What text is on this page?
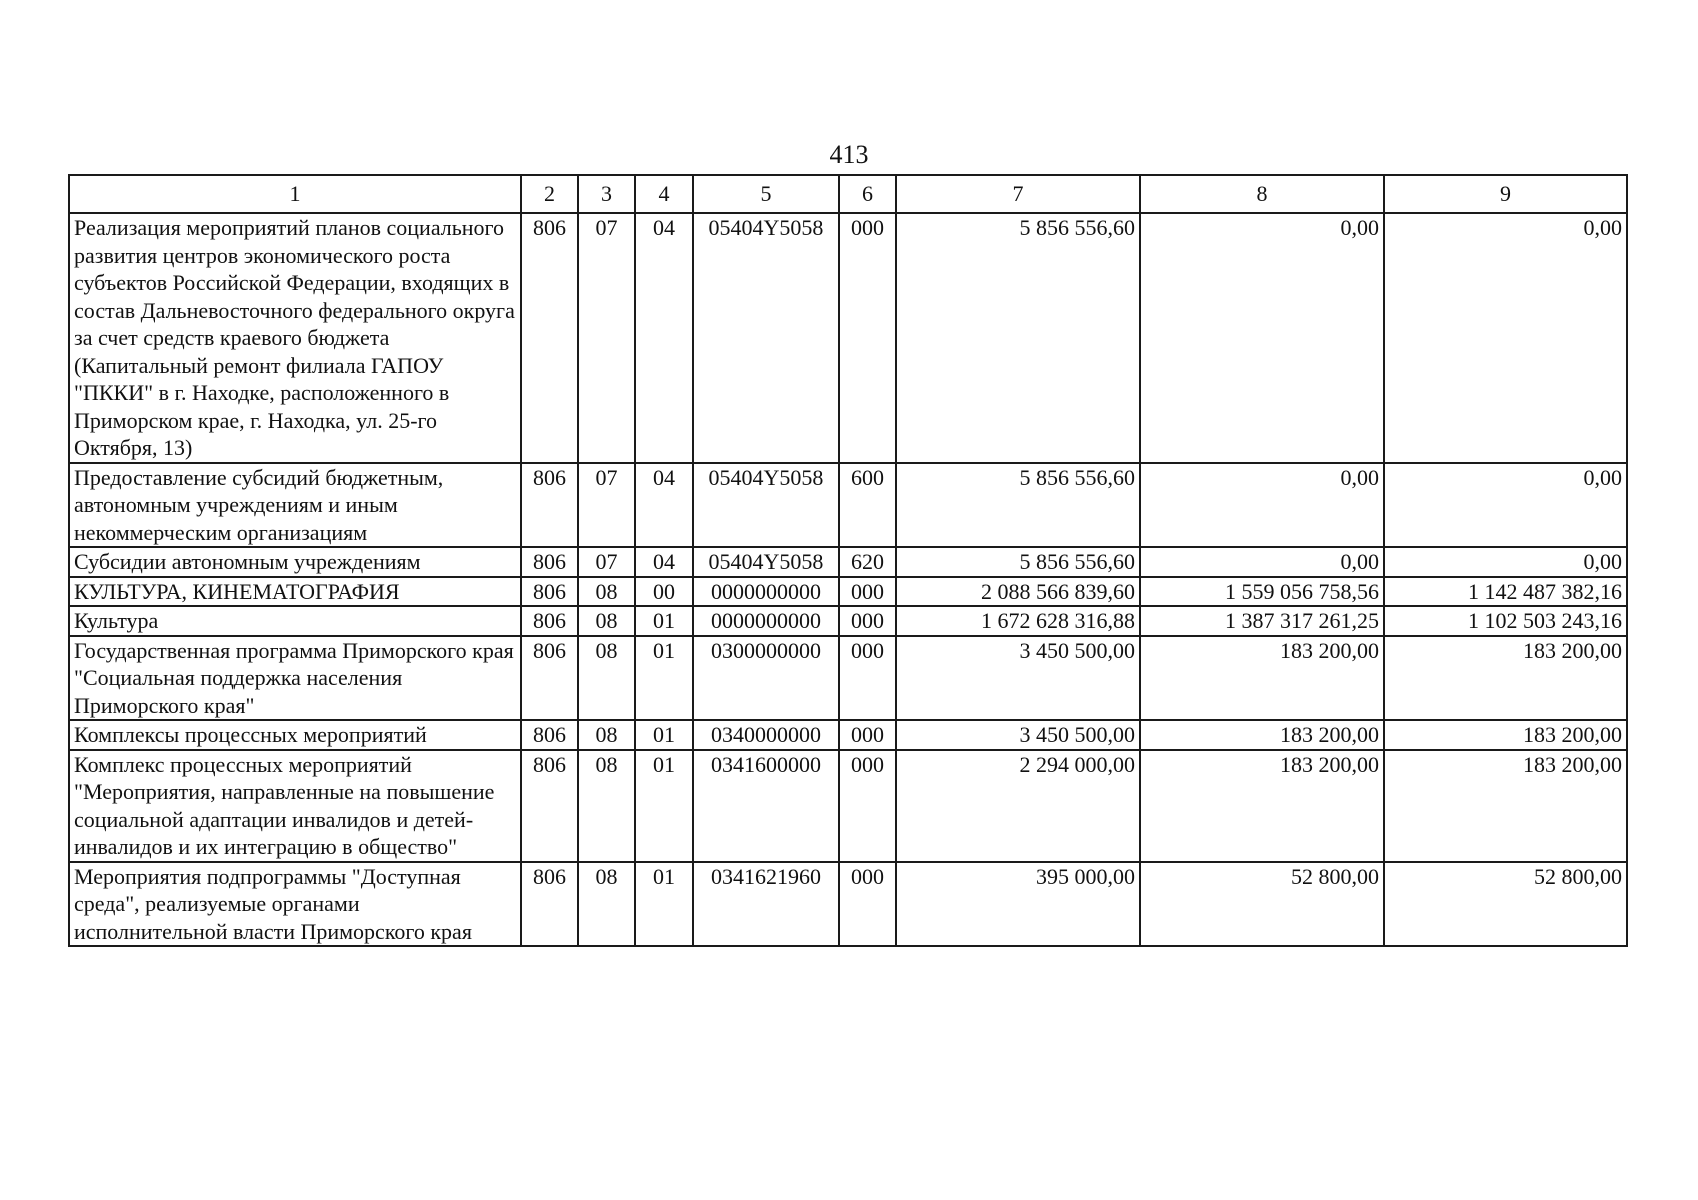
413
1	2	3	4	5	6	7	8	9
Реализация мероприятий планов социального развития центров экономического роста субъектов Российской Федерации, входящих в состав Дальневосточного федерального округа за счет средств краевого бюджета (Капитальный ремонт филиала ГАПОУ "ПККИ" в г. Находке, расположенного в Приморском крае, г. Находка, ул. 25-го Октября, 13)	806	07	04	05404Y5058	000	5 856 556,60	0,00	0,00
Предоставление субсидий бюджетным, автономным учреждениям и иным некоммерческим организациям	806	07	04	05404Y5058	600	5 856 556,60	0,00	0,00
Субсидии автономным учреждениям	806	07	04	05404Y5058	620	5 856 556,60	0,00	0,00
КУЛЬТУРА, КИНЕМАТОГРАФИЯ	806	08	00	0000000000	000	2 088 566 839,60	1 559 056 758,56	1 142 487 382,16
Культура	806	08	01	0000000000	000	1 672 628 316,88	1 387 317 261,25	1 102 503 243,16
Государственная программа Приморского края "Социальная поддержка населения Приморского края"	806	08	01	0300000000	000	3 450 500,00	183 200,00	183 200,00
Комплексы процессных мероприятий	806	08	01	0340000000	000	3 450 500,00	183 200,00	183 200,00
Комплекс процессных мероприятий "Мероприятия, направленные на повышение социальной адаптации инвалидов и детей-инвалидов и их интеграцию в общество"	806	08	01	0341600000	000	2 294 000,00	183 200,00	183 200,00
Мероприятия подпрограммы "Доступная среда", реализуемые органами исполнительной власти Приморского края	806	08	01	0341621960	000	395 000,00	52 800,00	52 800,00
